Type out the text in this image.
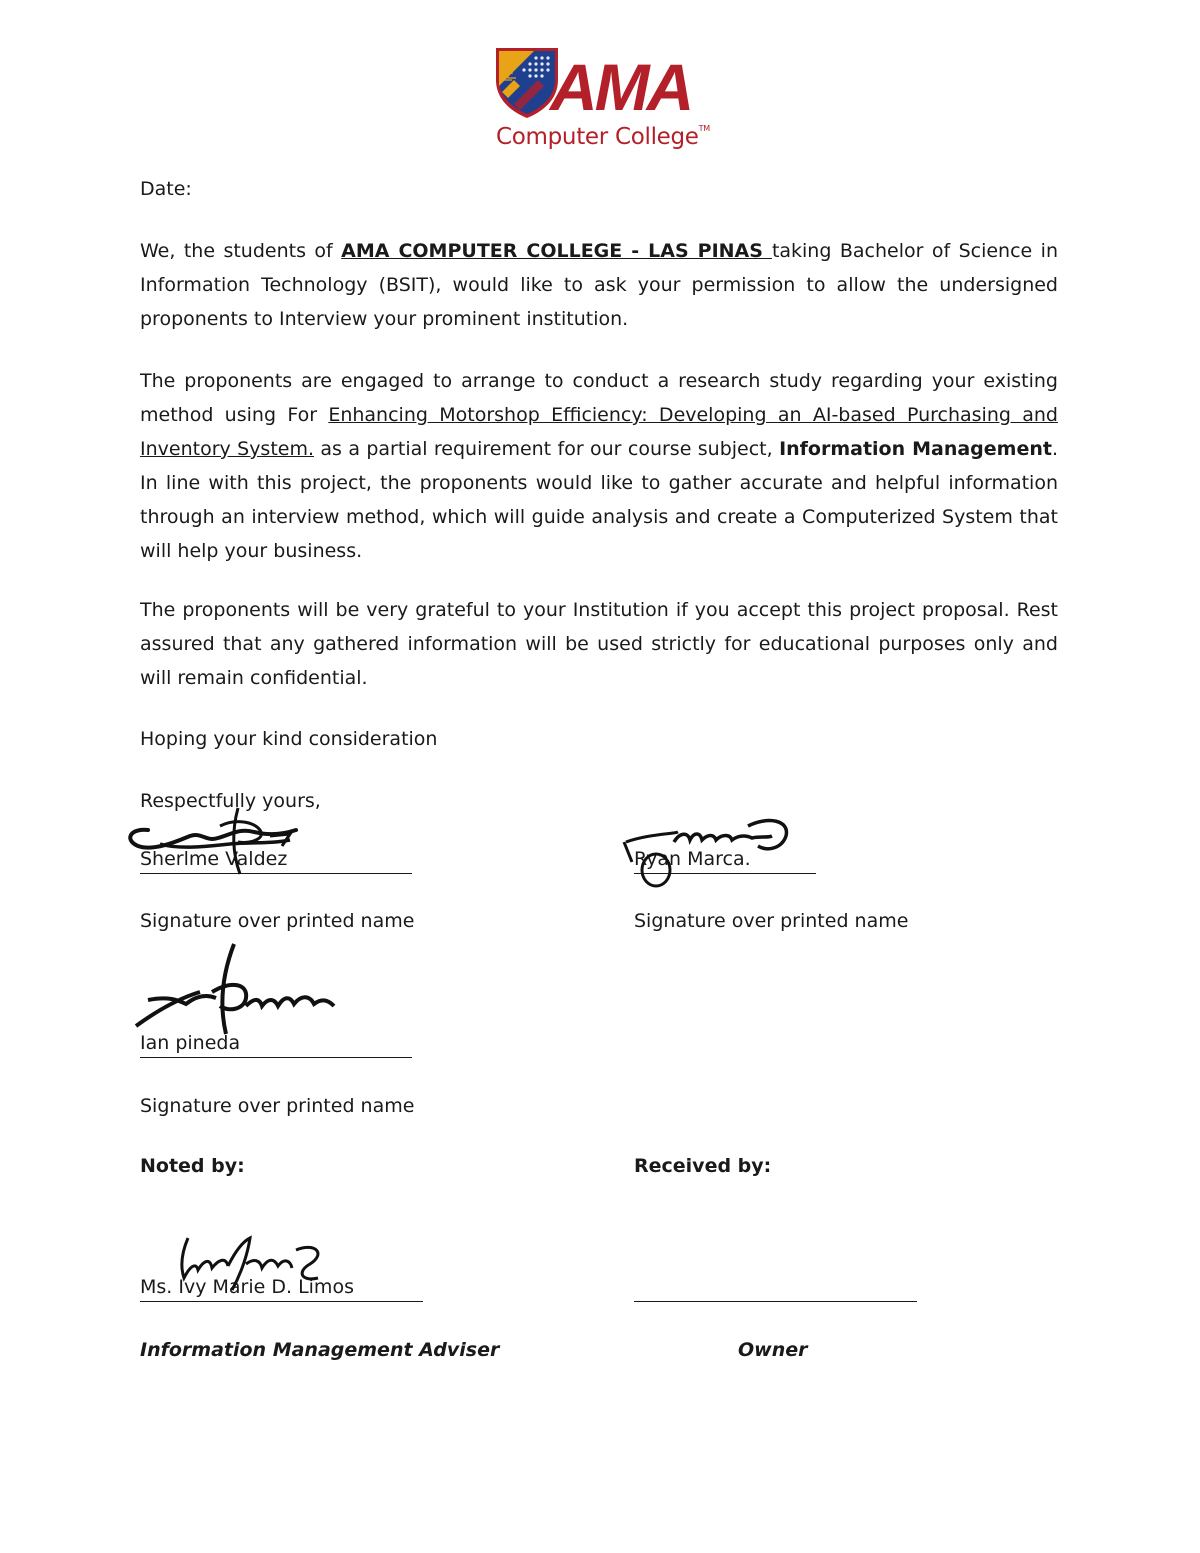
AMA
Computer College™
Date:
We, the students of AMA COMPUTER COLLEGE - LAS PINAS taking Bachelor of Science in Information Technology (BSIT), would like to ask your permission to allow the undersigned proponents to Interview your prominent institution.
The proponents are engaged to arrange to conduct a research study regarding your existing method using For Enhancing Motorshop Efficiency: Developing an AI-based Purchasing and Inventory System. as a partial requirement for our course subject, Information Management. In line with this project, the proponents would like to gather accurate and helpful information through an interview method, which will guide analysis and create a Computerized System that will help your business.
The proponents will be very grateful to your Institution if you accept this project proposal. Rest assured that any gathered information will be used strictly for educational purposes only and will remain confidential.
Hoping your kind consideration
Respectfully yours,
Sherlme Valdez	Ryan Marca.
Signature over printed name	Signature over printed name
Ian pineda
Signature over printed name
Noted by:	Received by:
Ms. Ivy Marie D. Limos
Information Management Adviser	Owner
